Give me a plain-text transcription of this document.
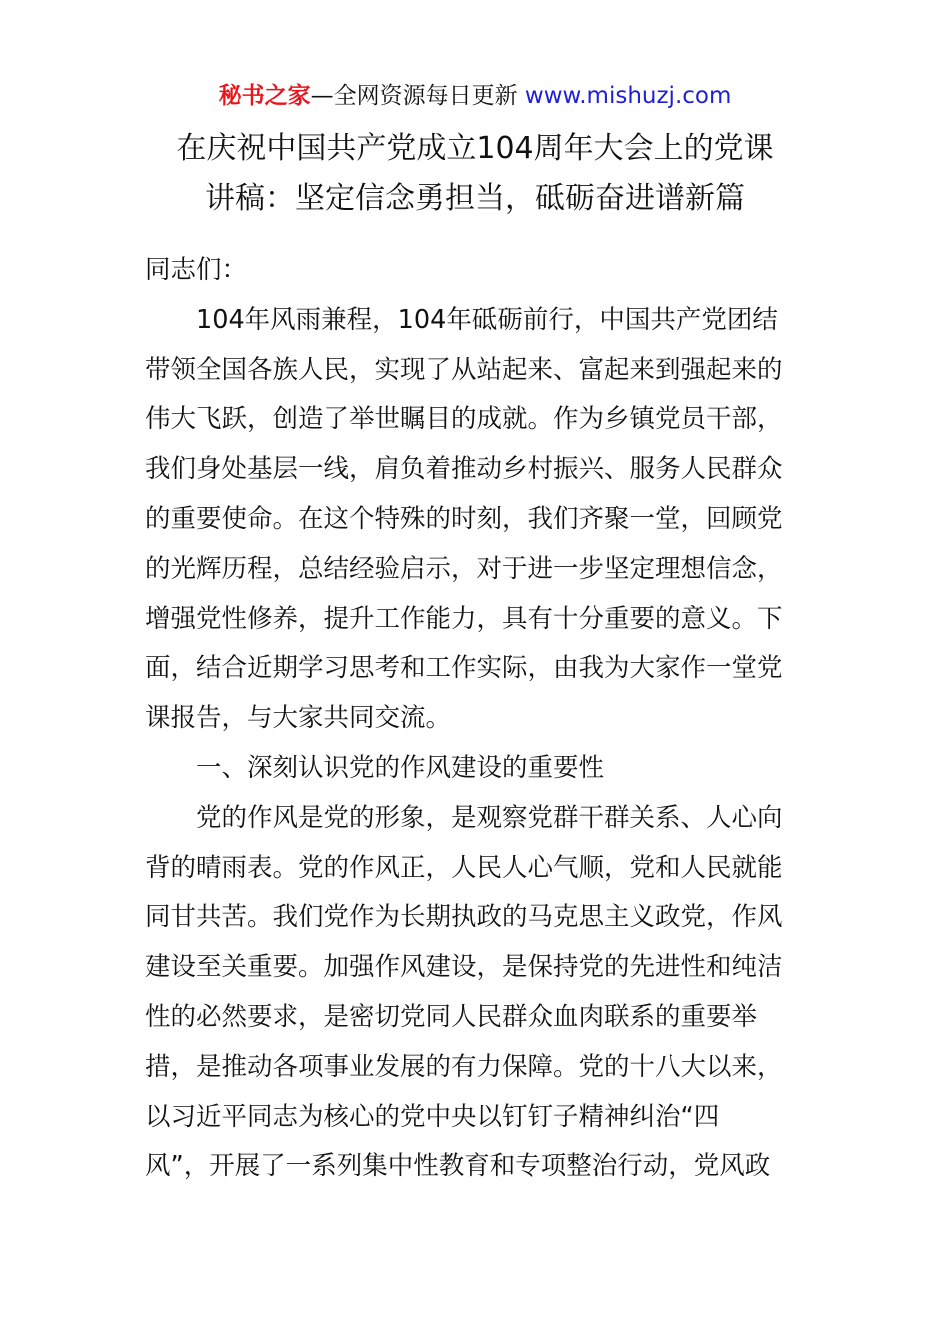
秘书之家—全网资源每日更新 www.mishuzj.com
在庆祝中国共产党成立104周年大会上的党课
讲稿：坚定信念勇担当，砥砺奋进谱新篇
同志们：
104年风雨兼程，104年砥砺前行，中国共产党团结
带领全国各族人民，实现了从站起来、富起来到强起来的
伟大飞跃，创造了举世瞩目的成就。作为乡镇党员干部，
我们身处基层一线，肩负着推动乡村振兴、服务人民群众
的重要使命。在这个特殊的时刻，我们齐聚一堂，回顾党
的光辉历程，总结经验启示，对于进一步坚定理想信念，
增强党性修养，提升工作能力，具有十分重要的意义。下
面，结合近期学习思考和工作实际，由我为大家作一堂党
课报告，与大家共同交流。
一、深刻认识党的作风建设的重要性
党的作风是党的形象，是观察党群干群关系、人心向
背的晴雨表。党的作风正，人民人心气顺，党和人民就能
同甘共苦。我们党作为长期执政的马克思主义政党，作风
建设至关重要。加强作风建设，是保持党的先进性和纯洁
性的必然要求，是密切党同人民群众血肉联系的重要举
措，是推动各项事业发展的有力保障。党的十八大以来，
以习近平同志为核心的党中央以钉钉子精神纠治“四
风”，开展了一系列集中性教育和专项整治行动，党风政
